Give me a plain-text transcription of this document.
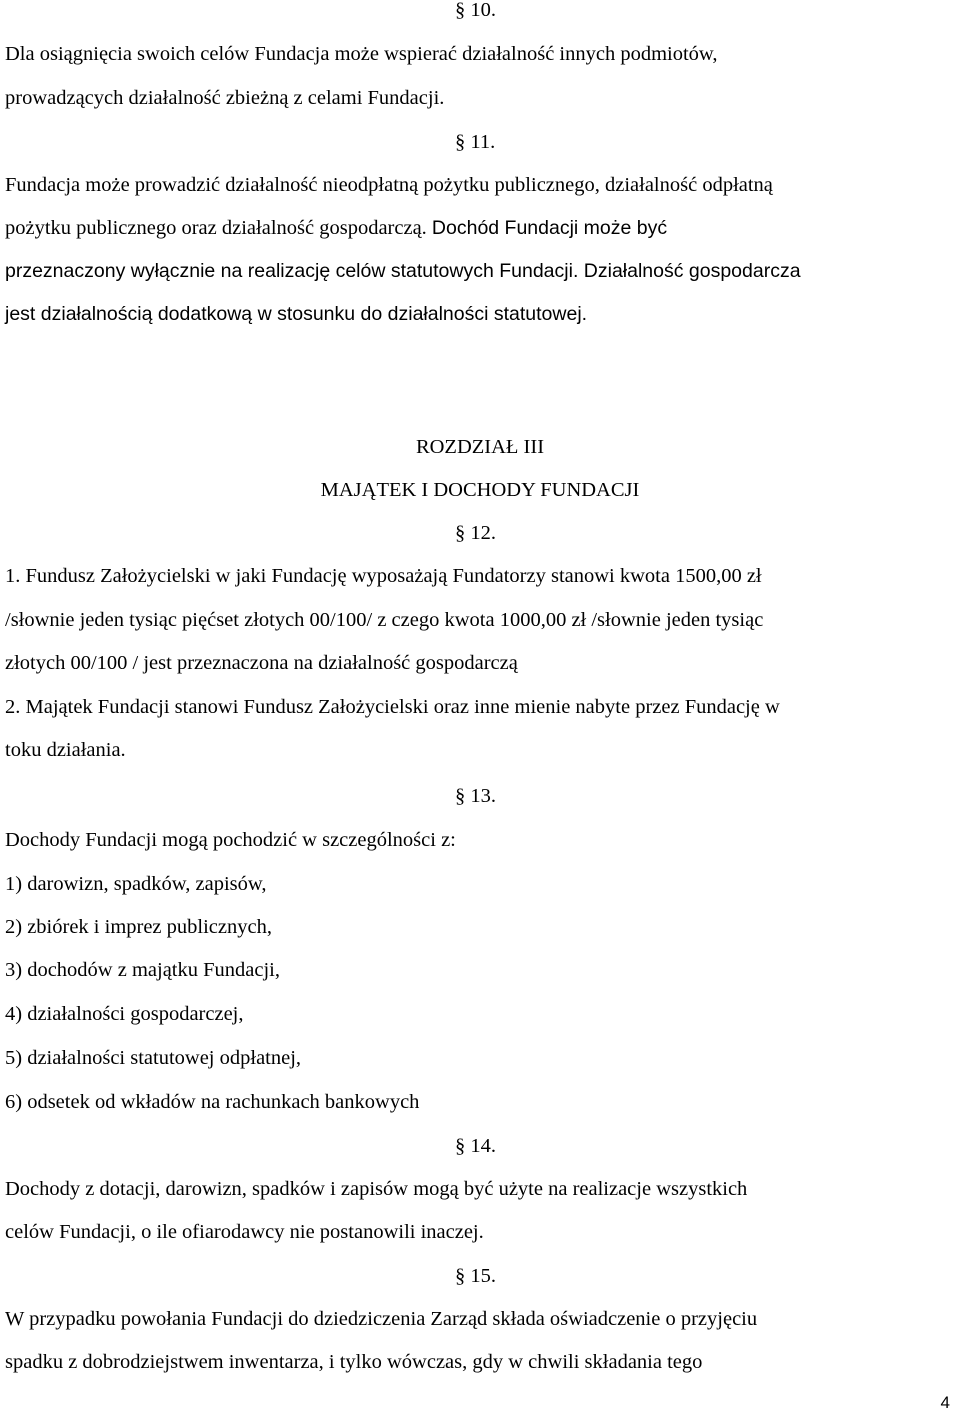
§ 10.
Dla osiągnięcia swoich celów Fundacja może wspierać działalność innych podmiotów,
prowadzących działalność zbieżną z celami Fundacji.
§ 11.
Fundacja może prowadzić działalność nieodpłatną pożytku publicznego, działalność odpłatną
pożytku publicznego oraz działalność gospodarczą. Dochód Fundacji może być
przeznaczony wyłącznie na realizację celów statutowych Fundacji. Działalność gospodarcza
jest działalnością dodatkową w stosunku do działalności statutowej.
ROZDZIAŁ III
MAJĄTEK I DOCHODY FUNDACJI
§ 12.
1. Fundusz Założycielski w jaki Fundację wyposażają Fundatorzy stanowi kwota 1500,00 zł
/słownie jeden tysiąc pięćset złotych 00/100/ z czego kwota 1000,00 zł /słownie jeden tysiąc
złotych 00/100 / jest przeznaczona na działalność gospodarczą
2. Majątek Fundacji stanowi Fundusz Założycielski oraz inne mienie nabyte przez Fundację w
toku działania.
§ 13.
Dochody Fundacji mogą pochodzić w szczególności z:
1) darowizn, spadków, zapisów,
2) zbiórek i imprez publicznych,
3) dochodów z majątku Fundacji,
4) działalności gospodarczej,
5) działalności statutowej odpłatnej,
6) odsetek od wkładów na rachunkach bankowych
§ 14.
Dochody z dotacji, darowizn, spadków i zapisów mogą być użyte na realizacje wszystkich
celów Fundacji, o ile ofiarodawcy nie postanowili inaczej.
§ 15.
W przypadku powołania Fundacji do dziedziczenia Zarząd składa oświadczenie o przyjęciu
spadku z dobrodziejstwem inwentarza, i tylko wówczas, gdy w chwili składania tego
4
